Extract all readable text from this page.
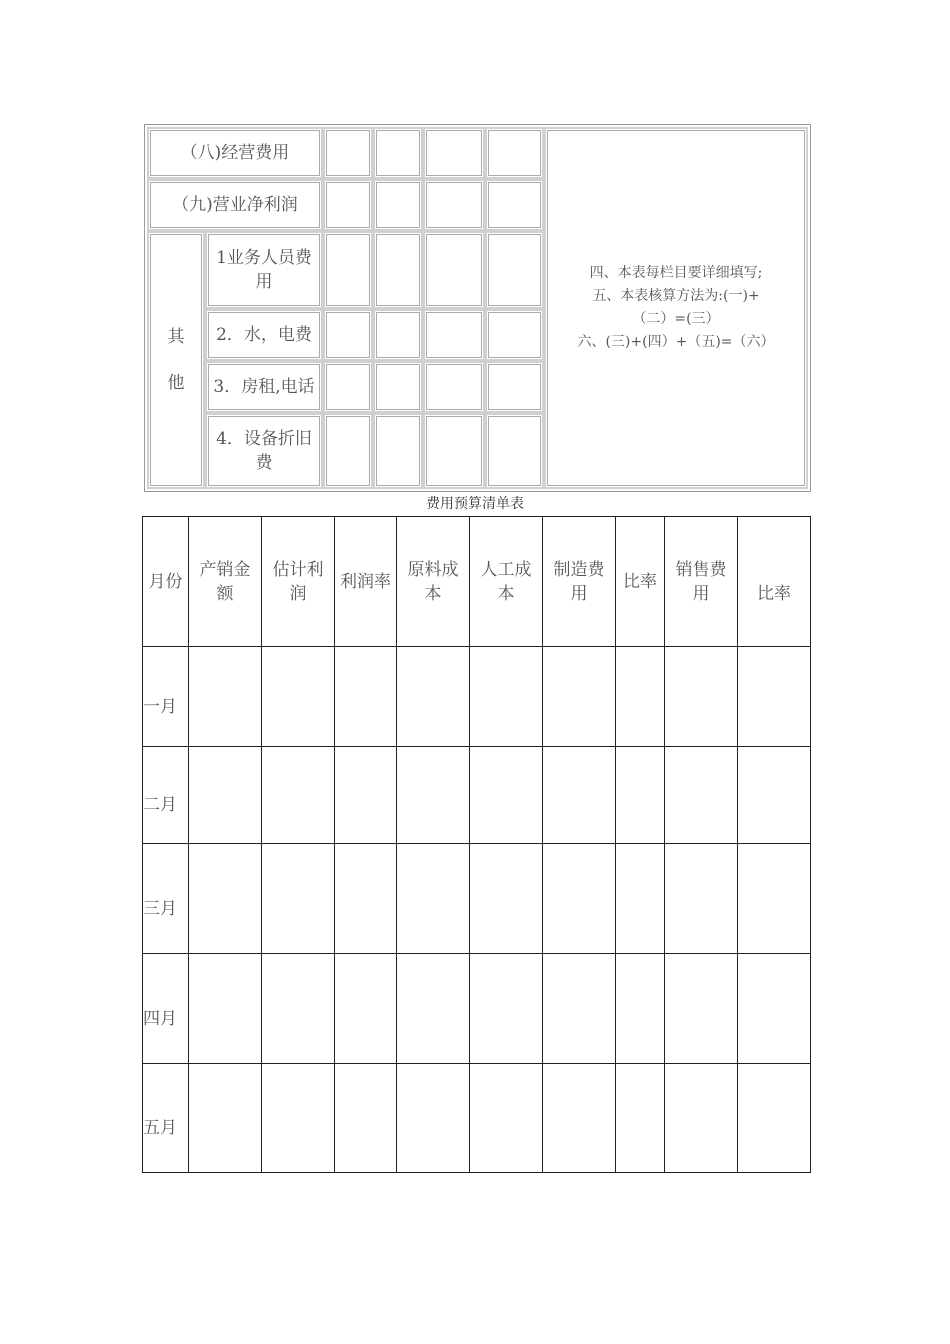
（八)经营费用
（九)营业净利润
其

他
1业务人员费用
2．水，电费
3．房租,电话
4．设备折旧费
四、本表每栏目要详细填写;
五、本表核算方法为:(一)+
（二）=(三）
六、(三)+(四）+（五)=（六）
费用预算清单表
月份	产销金额	估计利润	利润率	原料成本	人工成本	制造费用	比率	销售费用	比率
一月									
二月									
三月									
四月									
五月									
